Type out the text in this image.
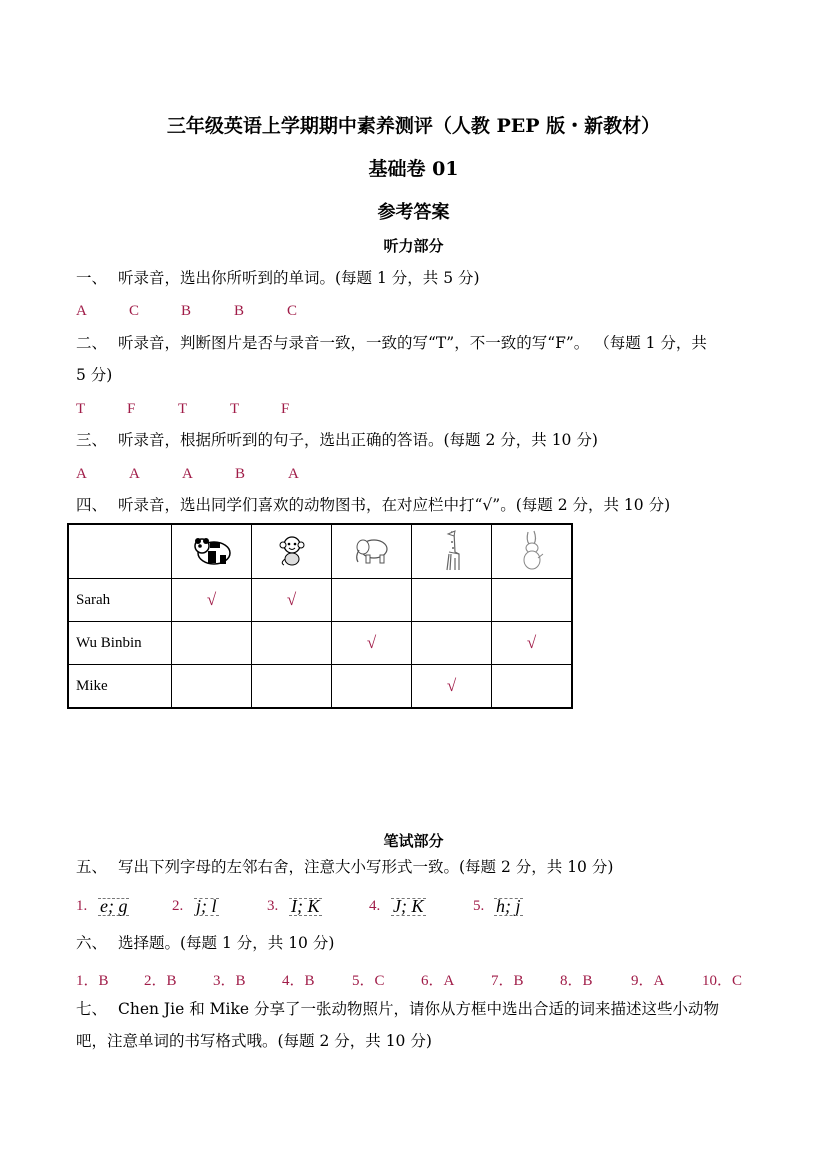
三年级英语上学期期中素养测评（人教 PEP 版・新教材）
基础卷 01
参考答案
听力部分
一、 听录音，选出你所听到的单词。(每题 1 分，共 5 分)
A	C	B	B	C
二、 听录音，判断图片是否与录音一致，一致的写“T”，不一致的写“F”。 （每题 1 分，共
5 分)
T	F	T	T	F
三、 听录音，根据所听到的句子，选出正确的答语。(每题 2 分，共 10 分)
A	A	A	B	A
四、 听录音，选出同学们喜欢的动物图书，在对应栏中打“√”。(每题 2 分，共 10 分)

Sarah	√	√			
Wu Binbin			√		√
Mike				√	
笔试部分
五、 写出下列字母的左邻右舍，注意大小写形式一致。(每题 2 分，共 10 分)
1. e; g	2. j; l	3. I; K	4. J; K	5. h; j
六、 选择题。(每题 1 分，共 10 分)
1．B 2．B 3．B 4．B 5．C 6．A 7．B 8．B	9．A	10．C
七、 Chen Jie 和 Mike 分享了一张动物照片，请你从方框中选出合适的词来描述这些小动物
吧，注意单词的书写格式哦。(每题 2 分，共 10 分)
